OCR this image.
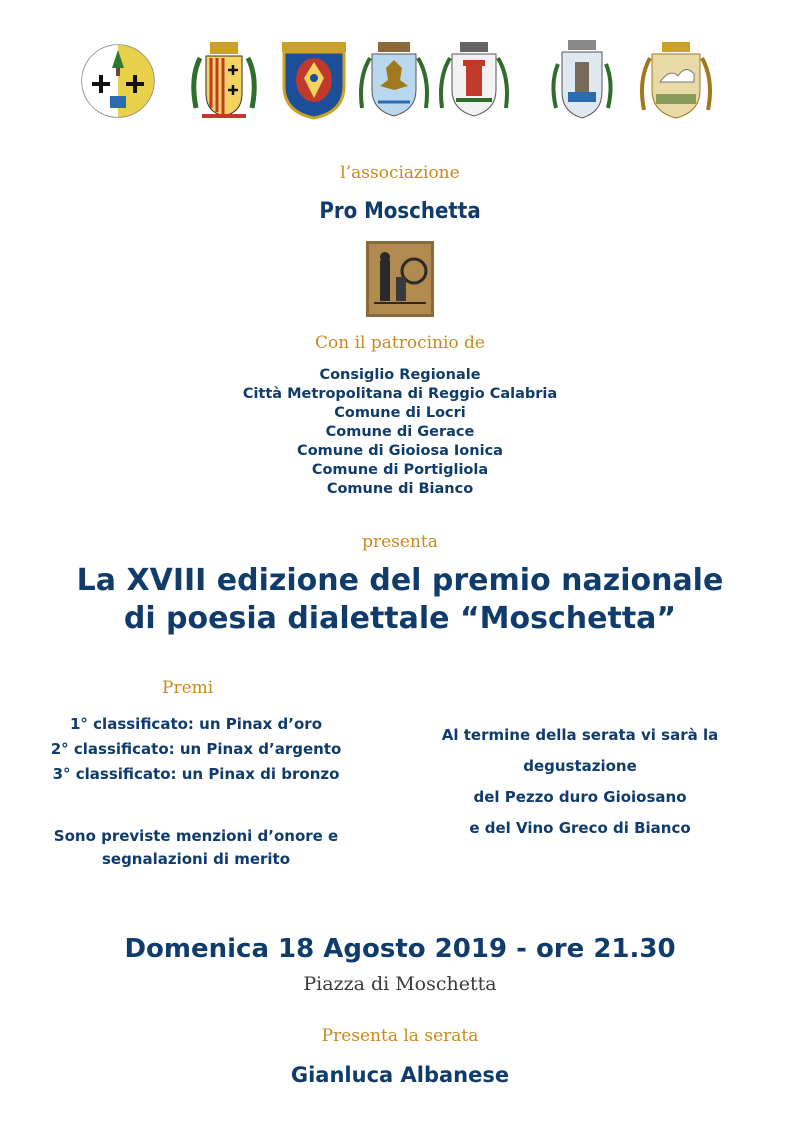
l’associazione
Pro Moschetta
Con il patrocinio de
Consiglio Regionale
Città Metropolitana di Reggio Calabria
Comune di Locri
Comune di Gerace
Comune di Gioiosa Ionica
Comune di Portigliola
Comune di Bianco
presenta
La XVIII edizione del premio nazionale
di poesia dialettale “Moschetta”
Premi
1° classificato: un Pinax d’oro
2° classificato: un Pinax d’argento
3° classificato: un Pinax di bronzo
Sono previste menzioni d’onore e
segnalazioni di merito
Al termine della serata vi sarà la
degustazione
del Pezzo duro Gioiosano
e del Vino Greco di Bianco
Domenica 18 Agosto 2019 - ore 21.30
Piazza di Moschetta
Presenta la serata
Gianluca Albanese
